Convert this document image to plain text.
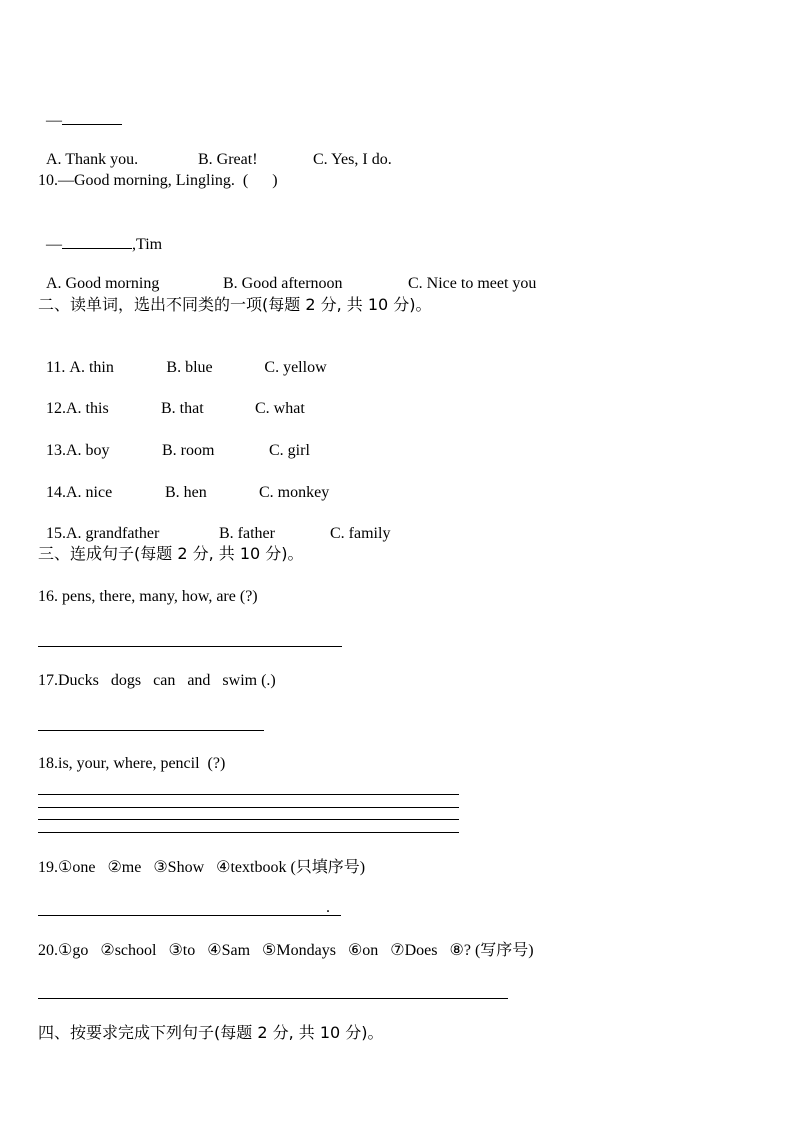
—

A. Thank you.	B. Great!	C. Yes, I do.

10.—Good morning, Lingling.  (      )

—	,Tim

A. Good morning	B. Good afternoon	C. Nice to meet you

二、读单词，选出不同类的一项(每题 2 分, 共 10 分)。

11. A. thin	B. blue	C. yellow

12.A. this	B. that	C. what

13.A. boy	B. room	C. girl

14.A. nice	B. hen	C. monkey

15.A. grandfather	B. father	C. family

三、连成句子(每题 2 分, 共 10 分)。
16. pens, there, many, how, are (?)
17.Ducks   dogs   can   and   swim (.)
18.is, your, where, pencil  (?)
19.①one   ②me   ③Show   ④textbook (只填序号)
.
20.①go   ②school   ③to   ④Sam   ⑤Mondays   ⑥on   ⑦Does   ⑧? (写序号)
四、按要求完成下列句子(每题 2 分, 共 10 分)。
